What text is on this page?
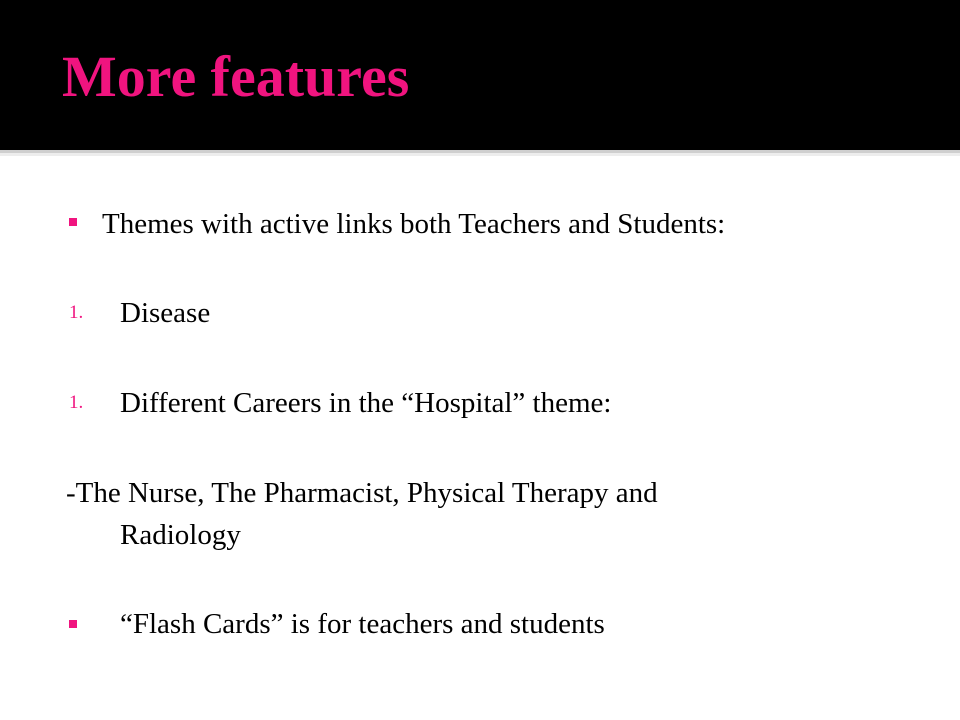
More features
Themes with active links both Teachers and Students:
1. Disease
1. Different Careers in the “Hospital” theme:
-The Nurse, The Pharmacist, Physical Therapy and
Radiology
“Flash Cards” is for teachers and students
